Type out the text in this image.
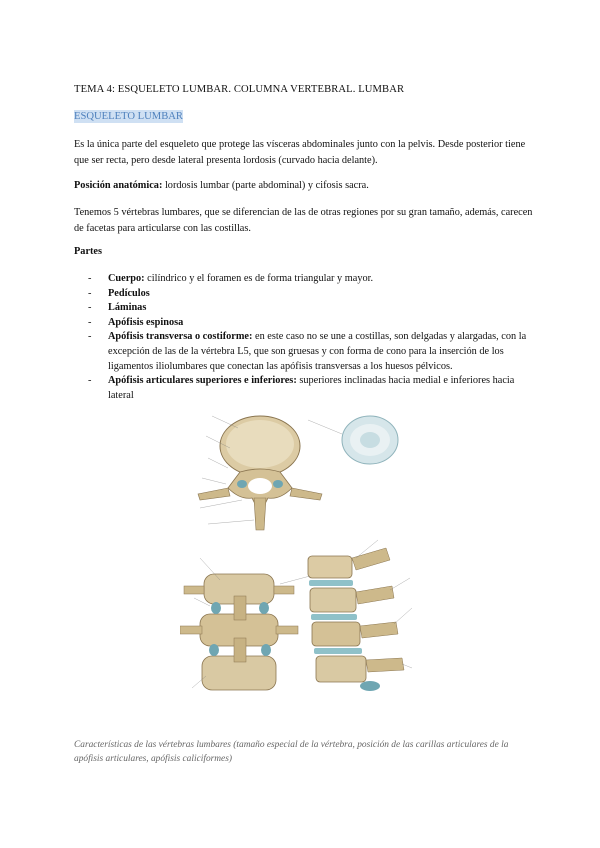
TEMA 4: ESQUELETO LUMBAR. COLUMNA VERTEBRAL. LUMBAR
ESQUELETO LUMBAR
Es la única parte del esqueleto que protege las vísceras abdominales junto con la pelvis. Desde posterior tiene que ser recta, pero desde lateral presenta lordosis (curvado hacia delante).
Posición anatómica: lordosis lumbar (parte abdominal) y cifosis sacra.
Tenemos 5 vértebras lumbares, que se diferencian de las de otras regiones por su gran tamaño, además, carecen de facetas para articularse con las costillas.
Partes
- Cuerpo: cilíndrico y el foramen es de forma triangular y mayor.
- Pedículos
- Láminas
- Apófisis espinosa
- Apófisis transversa o costiforme: en este caso no se une a costillas, son delgadas y alargadas, con la excepción de las de la vértebra L5, que son gruesas y con forma de cono para la inserción de los ligamentos iliolumbares que conectan las apófisis transversas a los huesos pélvicos.
- Apófisis articulares superiores e inferiores: superiores inclinadas hacia medial e inferiores hacia lateral
Características de las vértebras lumbares (tamaño especial de la vértebra, posición de las carillas articulares de la apófisis articulares, apófisis caliciformes)
